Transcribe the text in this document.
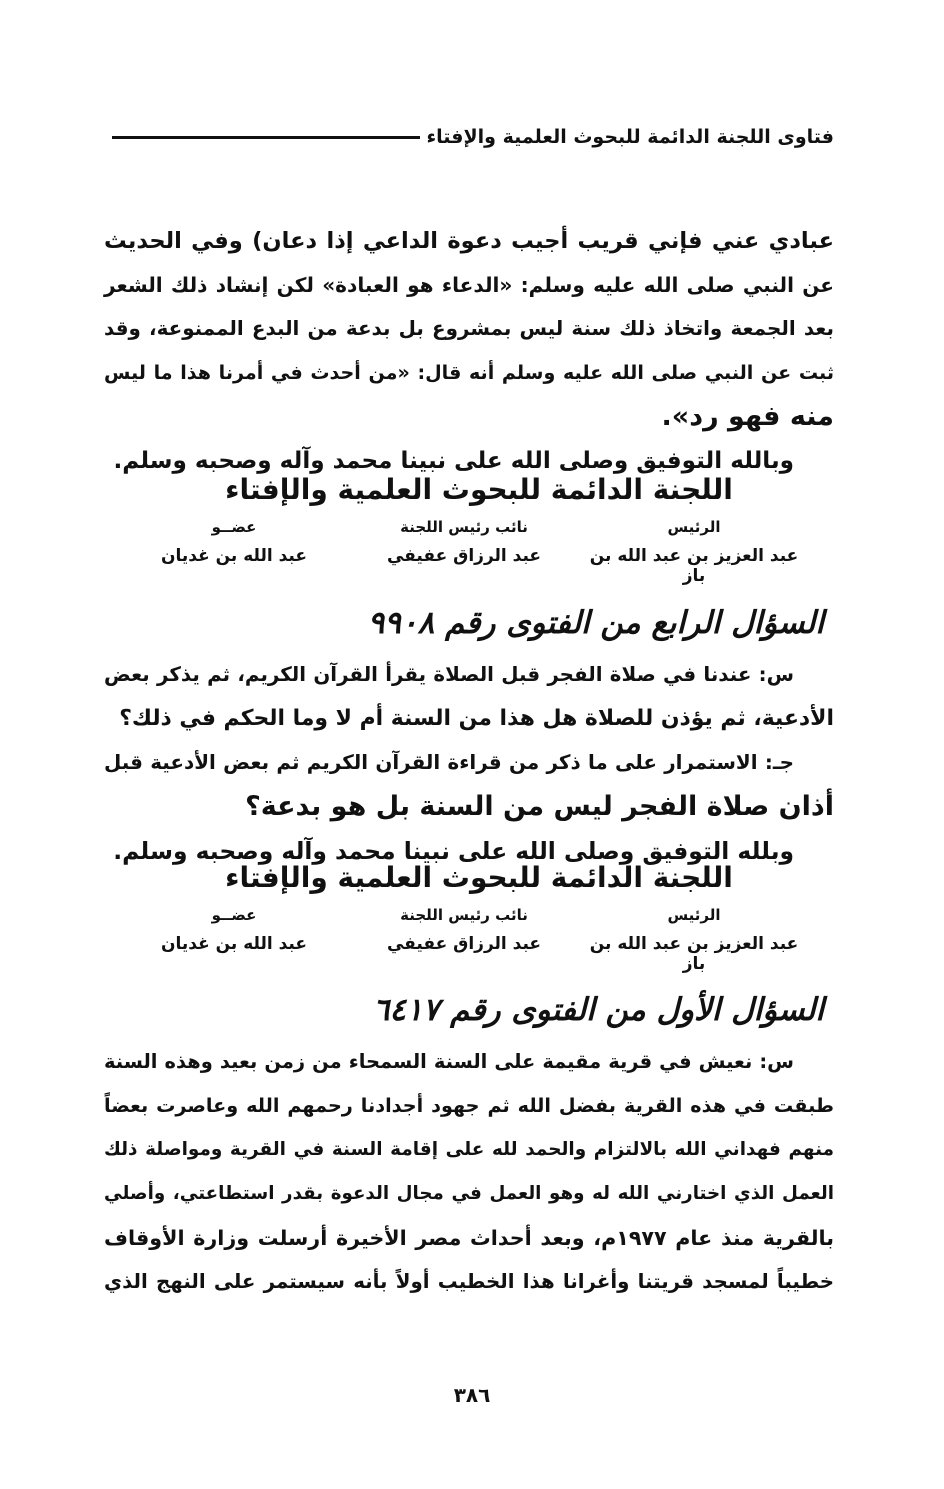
فتاوى اللجنة الدائمة للبحوث العلمية والإفتاء
عبادي عني فإني قريب أجيب دعوة الداعي إذا دعان) وفي الحديث
عن النبي صلى الله عليه وسلم: «الدعاء هو العبادة» لكن إنشاد ذلك الشعر
بعد الجمعة واتخاذ ذلك سنة ليس بمشروع بل بدعة من البدع الممنوعة، وقد
ثبت عن النبي صلى الله عليه وسلم أنه قال: «من أحدث في أمرنا هذا ما ليس
منه فهو رد».
وبالله التوفيق وصلى الله على نبينا محمد وآله وصحبه وسلم.
اللجنة الدائمة للبحوث العلمية والإفتاء
الرئيس
عبد العزيز بن عبد الله بن باز
نائب رئيس اللجنة
عبد الرزاق عفيفي
عضــو
عبد الله بن غديان
السؤال الرابع من الفتوى رقم ٩٩٠٨
س: عندنا في صلاة الفجر قبل الصلاة يقرأ القرآن الكريم، ثم يذكر بعض
الأدعية، ثم يؤذن للصلاة هل هذا من السنة أم لا وما الحكم في ذلك؟
جـ: الاستمرار على ما ذكر من قراءة القرآن الكريم ثم بعض الأدعية قبل
أذان صلاة الفجر ليس من السنة بل هو بدعة؟
وبلله التوفيق وصلى الله على نبينا محمد وآله وصحبه وسلم.
اللجنة الدائمة للبحوث العلمية والإفتاء
الرئيس
عبد العزيز بن عبد الله بن باز
نائب رئيس اللجنة
عبد الرزاق عفيفي
عضــو
عبد الله بن غديان
السؤال الأول من الفتوى رقم ٦٤١٧
س: نعيش في قرية مقيمة على السنة السمحاء من زمن بعيد وهذه السنة
طبقت في هذه القرية بفضل الله ثم جهود أجدادنا رحمهم الله وعاصرت بعضاً
منهم فهداني الله بالالتزام والحمد لله على إقامة السنة في القرية ومواصلة ذلك
العمل الذي اختارني الله له وهو العمل في مجال الدعوة بقدر استطاعتي، وأصلي
بالقرية منذ عام ١٩٧٧م، وبعد أحداث مصر الأخيرة أرسلت وزارة الأوقاف
خطيباً لمسجد قريتنا وأغرانا هذا الخطيب أولاً بأنه سيستمر على النهج الذي
٣٨٦
